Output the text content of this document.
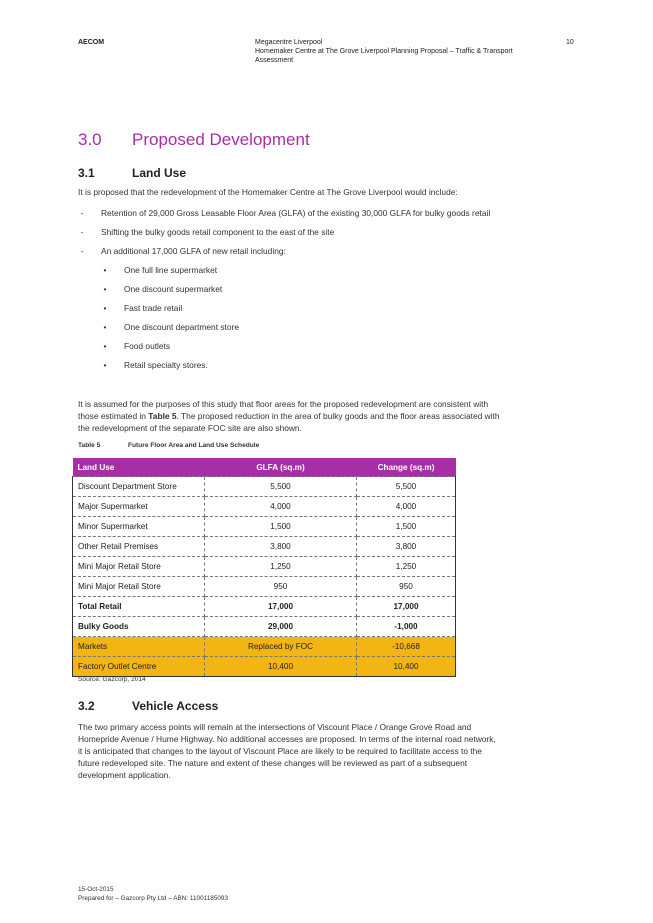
AECOM	Megacentre Liverpool
Homemaker Centre at The Grove Liverpool Planning Proposal – Traffic & Transport
Assessment
10
3.0 Proposed Development
3.1	Land Use
It is proposed that the redevelopment of the Homemaker Centre at The Grove Liverpool would include:
-	Retention of 29,000 Gross Leasable Floor Area (GLFA) of the existing 30,000 GLFA for bulky goods retail
-	Shifting the bulky goods retail component to the east of the site
-	An additional 17,000 GLFA of new retail including:
•	One full line supermarket
•	One discount supermarket
•	Fast trade retail
•	One discount department store
•	Food outlets
•	Retail specialty stores.
It is assumed for the purposes of this study that floor areas for the proposed redevelopment are consistent with
those estimated in Table 5. The proposed reduction in the area of bulky goods and the floor areas associated with
the redevelopment of the separate FOC site are also shown.
Table 5	Future Floor Area and Land Use Schedule
Land Use	GLFA (sq.m)	Change (sq.m)
Discount Department Store	5,500	5,500
Major Supermarket	4,000	4,000
Minor Supermarket	1,500	1,500
Other Retail Premises	3,800	3,800
Mini Major Retail Store	1,250	1,250
Mini Major Retail Store	950	950
Total Retail	17,000	17,000
Bulky Goods	29,000	-1,000
Markets	Replaced by FOC	-10,668
Factory Outlet Centre	10,400	10,400
Source: Gazcorp, 2014
3.2	Vehicle Access
The two primary access points will remain at the intersections of Viscount Place / Orange Grove Road and
Homepride Avenue / Hume Highway. No additional accesses are proposed. In terms of the internal road network,
it is anticipated that changes to the layout of Viscount Place are likely to be required to facilitate access to the
future redeveloped site. The nature and extent of these changes will be reviewed as part of a subsequent
development application.
15-Oct-2015
Prepared for – Gazcorp Pty Ltd – ABN: 11001185093
